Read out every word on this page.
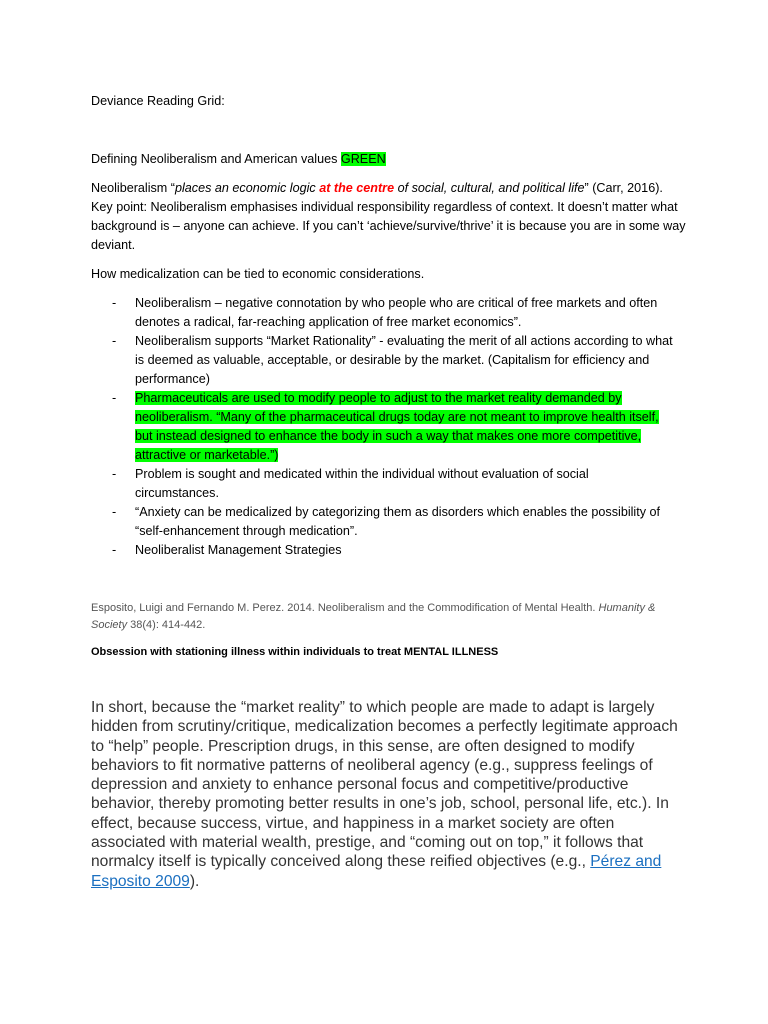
Deviance Reading Grid:

Defining Neoliberalism and American values GREEN

Neoliberalism “places an economic logic at the centre of social, cultural, and political life” (Carr, 2016).
Key point: Neoliberalism emphasises individual responsibility regardless of context. It doesn’t matter what background is – anyone can achieve. If you can’t ‘achieve/survive/thrive’ it is because you are in some way deviant.

How medicalization can be tied to economic considerations.

- Neoliberalism – negative connotation by who people who are critical of free markets and often denotes a radical, far-reaching application of free market economics”.
- Neoliberalism supports “Market Rationality” - evaluating the merit of all actions according to what is deemed as valuable, acceptable, or desirable by the market. (Capitalism for efficiency and performance)
- Pharmaceuticals are used to modify people to adjust to the market reality demanded by neoliberalism. “Many of the pharmaceutical drugs today are not meant to improve health itself, but instead designed to enhance the body in such a way that makes one more competitive, attractive or marketable.”)
- Problem is sought and medicated within the individual without evaluation of social circumstances.
- “Anxiety can be medicalized by categorizing them as disorders which enables the possibility of “self-enhancement through medication”.
- Neoliberalist Management Strategies

Esposito, Luigi and Fernando M. Perez. 2014. Neoliberalism and the Commodification of Mental Health. Humanity & Society 38(4): 414-442.

Obsession with stationing illness within individuals to treat MENTAL ILLNESS

In short, because the “market reality” to which people are made to adapt is largely hidden from scrutiny/critique, medicalization becomes a perfectly legitimate approach to “help” people. Prescription drugs, in this sense, are often designed to modify behaviors to fit normative patterns of neoliberal agency (e.g., suppress feelings of depression and anxiety to enhance personal focus and competitive/productive behavior, thereby promoting better results in one’s job, school, personal life, etc.). In effect, because success, virtue, and happiness in a market society are often associated with material wealth, prestige, and “coming out on top,” it follows that normalcy itself is typically conceived along these reified objectives (e.g., Pérez and Esposito 2009).
